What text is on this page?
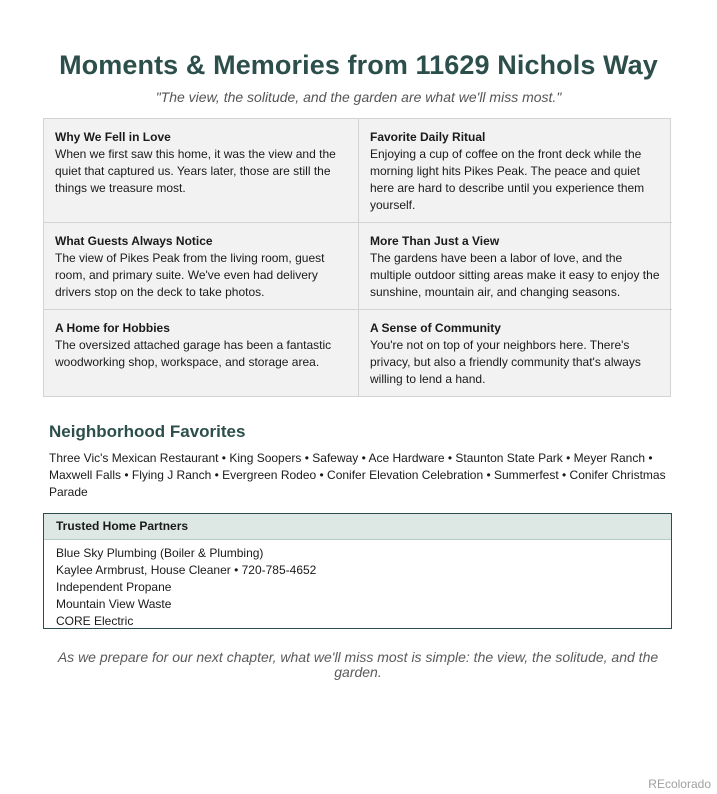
Moments & Memories from 11629 Nichols Way
"The view, the solitude, and the garden are what we'll miss most."
Why We Fell in Love
When we first saw this home, it was the view and the quiet that captured us. Years later, those are still the things we treasure most.
Favorite Daily Ritual
Enjoying a cup of coffee on the front deck while the morning light hits Pikes Peak. The peace and quiet here are hard to describe until you experience them yourself.
What Guests Always Notice
The view of Pikes Peak from the living room, guest room, and primary suite. We've even had delivery drivers stop on the deck to take photos.
More Than Just a View
The gardens have been a labor of love, and the multiple outdoor sitting areas make it easy to enjoy the sunshine, mountain air, and changing seasons.
A Home for Hobbies
The oversized attached garage has been a fantastic woodworking shop, workspace, and storage area.
A Sense of Community
You're not on top of your neighbors here. There's privacy, but also a friendly community that's always willing to lend a hand.
Neighborhood Favorites
Three Vic's Mexican Restaurant • King Soopers • Safeway • Ace Hardware • Staunton State Park • Meyer Ranch • Maxwell Falls • Flying J Ranch • Evergreen Rodeo • Conifer Elevation Celebration • Summerfest • Conifer Christmas Parade
Trusted Home Partners
Blue Sky Plumbing (Boiler & Plumbing)
Kaylee Armbrust, House Cleaner • 720-785-4652
Independent Propane
Mountain View Waste
CORE Electric
As we prepare for our next chapter, what we'll miss most is simple: the view, the solitude, and the garden.
REcolorado
